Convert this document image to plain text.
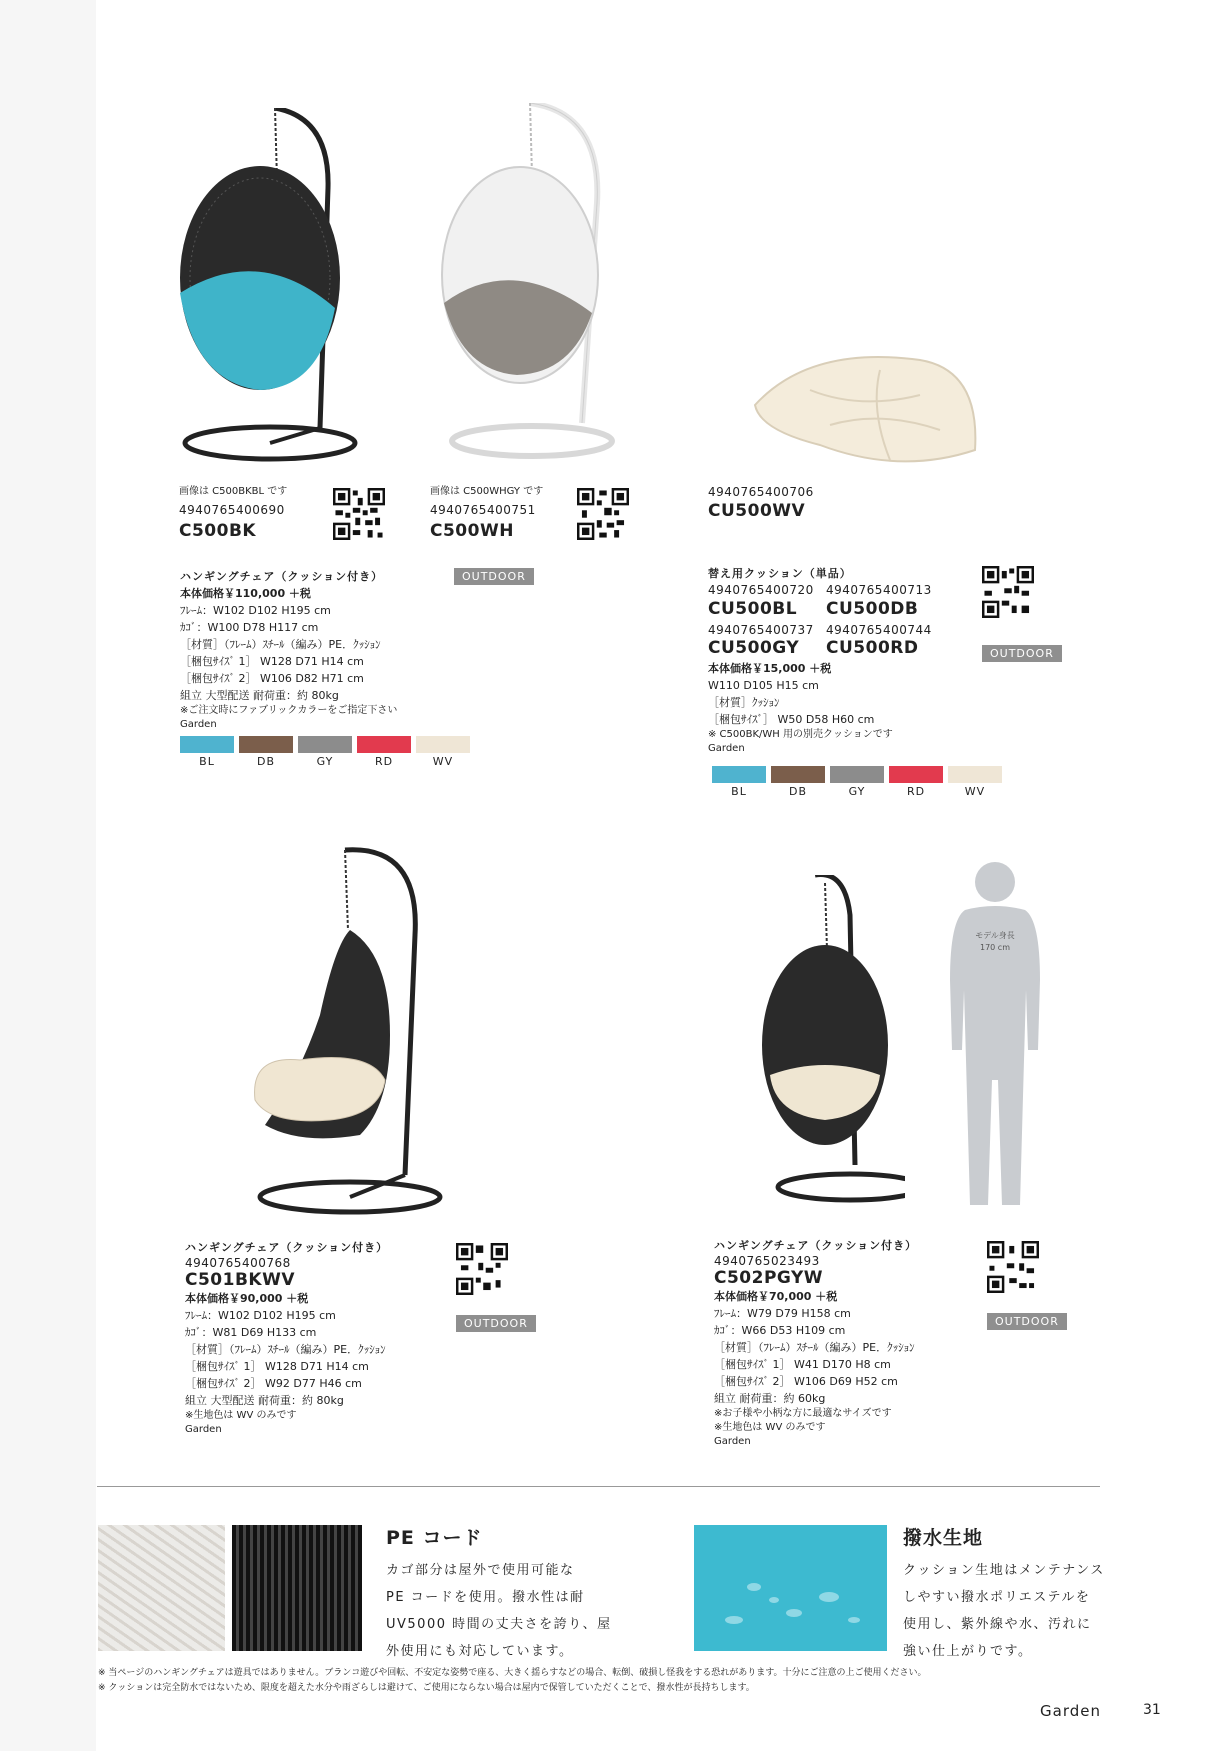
画像は C500BKBL です
4940765400690
C500BK
画像は C500WHGY です
4940765400751
C500WH
4940765400706
CU500WV
ハンギングチェア（クッション付き）
本体価格￥110,000 ＋税
ﾌﾚｰﾑ：W102 D102 H195 cm
ｶｺﾞ：W100 D78 H117 cm
［材質］（ﾌﾚｰﾑ）ｽﾁｰﾙ（編み）PE．ｸｯｼｮﾝ
［梱包ｻｲｽﾞ 1］ W128 D71 H14 cm
［梱包ｻｲｽﾞ 2］ W106 D82 H71 cm
組立 大型配送 耐荷重：約 80kg
※ご注文時にファブリックカラーをご指定下さい
Garden
OUTDOOR
BL	DB	GY	RD	WV
替え用クッション（単品）
4940765400720 4940765400713
CU500BL CU500DB
4940765400737 4940765400744
CU500GY CU500RD
本体価格￥15,000 ＋税
W110 D105 H15 cm
［材質］ｸｯｼｮﾝ
［梱包ｻｲｽﾞ］ W50 D58 H60 cm
※ C500BK/WH 用の別売クッションです
Garden
OUTDOOR
BL	DB	GY	RD	WV
モデル身長
170 cm
ハンギングチェア（クッション付き）
4940765400768
C501BKWV
本体価格￥90,000 ＋税
ﾌﾚｰﾑ：W102 D102 H195 cm
ｶｺﾞ：W81 D69 H133 cm
［材質］（ﾌﾚｰﾑ）ｽﾁｰﾙ（編み）PE．ｸｯｼｮﾝ
［梱包ｻｲｽﾞ 1］ W128 D71 H14 cm
［梱包ｻｲｽﾞ 2］ W92 D77 H46 cm
組立 大型配送 耐荷重：約 80kg
※生地色は WV のみです
Garden
OUTDOOR
ハンギングチェア（クッション付き）
4940765023493
C502PGYW
本体価格￥70,000 ＋税
ﾌﾚｰﾑ：W79 D79 H158 cm
ｶｺﾞ：W66 D53 H109 cm
［材質］（ﾌﾚｰﾑ）ｽﾁｰﾙ（編み）PE．ｸｯｼｮﾝ
［梱包ｻｲｽﾞ 1］ W41 D170 H8 cm
［梱包ｻｲｽﾞ 2］ W106 D69 H52 cm
組立 耐荷重：約 60kg
※お子様や小柄な方に最適なサイズです
※生地色は WV のみです
Garden
OUTDOOR
PE コード
カゴ部分は屋外で使用可能な
PE コードを使用。撥水性は耐
UV5000 時間の丈夫さを誇り、屋
外使用にも対応しています。
撥水生地
クッション生地はメンテナンス
しやすい撥水ポリエステルを
使用し、紫外線や水、汚れに
強い仕上がりです。
※ 当ページのハンギングチェアは遊具ではありません。ブランコ遊びや回転、不安定な姿勢で座る、大きく揺らすなどの場合、転倒、破損し怪我をする恐れがあります。十分にご注意の上ご使用ください。
※ クッションは完全防水ではないため、限度を超えた水分や雨ざらしは避けて、ご使用にならない場合は屋内で保管していただくことで、撥水性が長持ちします。
Garden	31
